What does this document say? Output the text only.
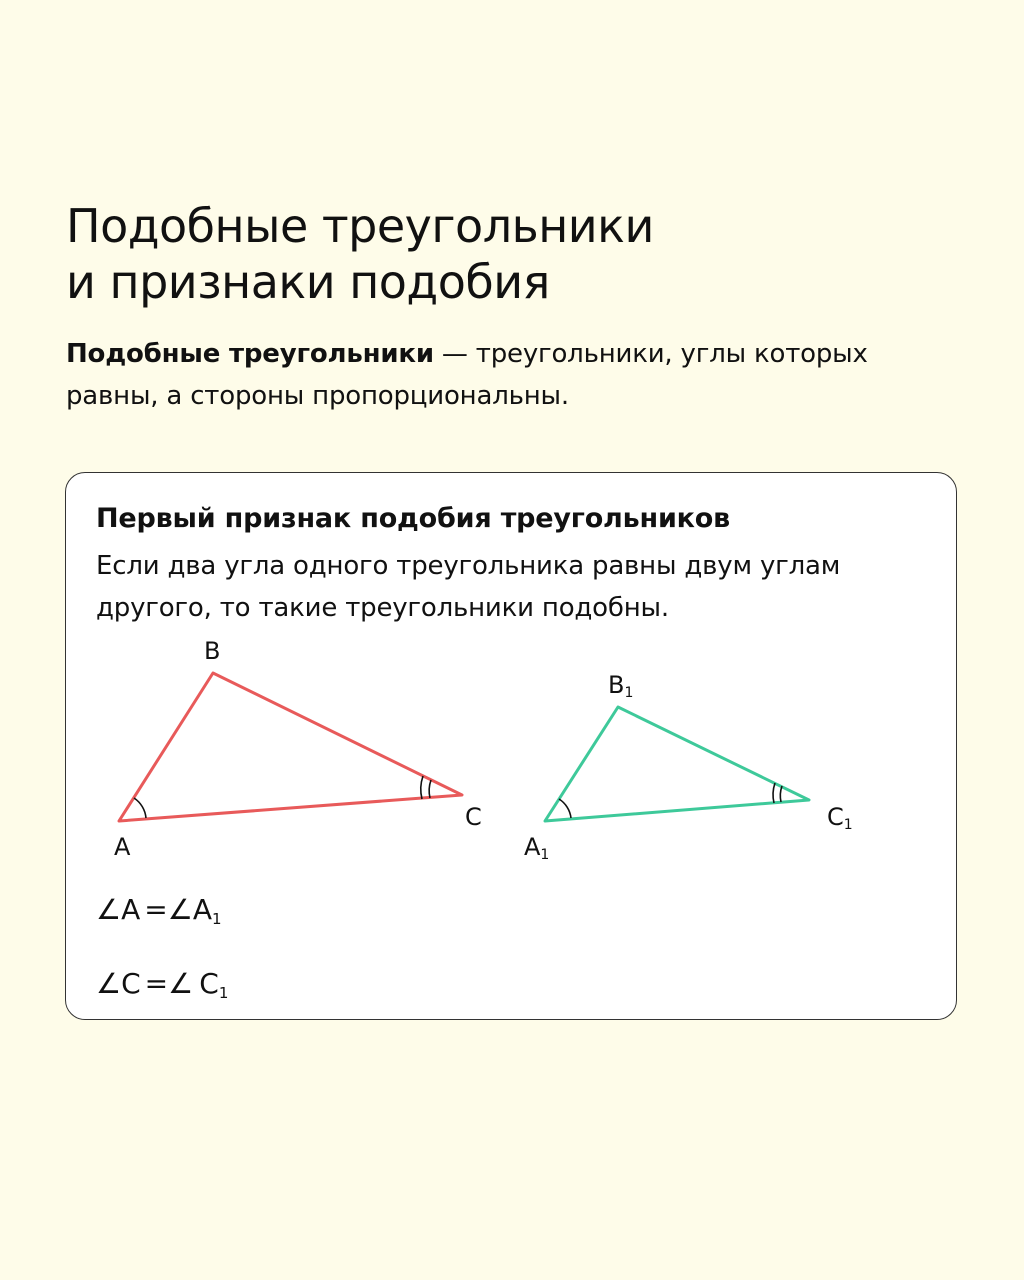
Подобные треугольники
и признаки подобия

Подобные треугольники — треугольники, углы которых равны, а стороны пропорциональны.

Первый признак подобия треугольников

Если два угла одного треугольника равны двум углам другого, то такие треугольники подобны.

B
A
C
B1
A1
C1
∠A =∠A1
∠C =∠ C1
